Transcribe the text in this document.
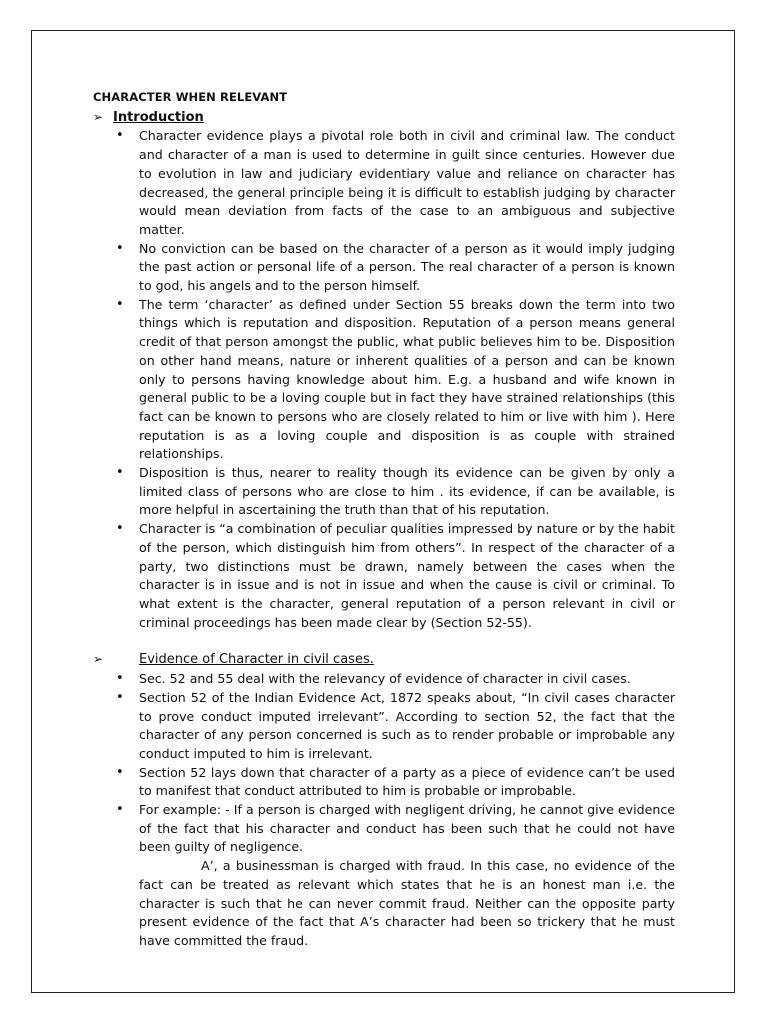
CHARACTER WHEN RELEVANT
➢ Introduction
• Character evidence plays a pivotal role both in civil and criminal law. The conduct and character of a man is used to determine in guilt since centuries. However due to evolution in law and judiciary evidentiary value and reliance on character has decreased, the general principle being it is difficult to establish judging by character would mean deviation from facts of the case to an ambiguous and subjective matter.
• No conviction can be based on the character of a person as it would imply judging the past action or personal life of a person. The real character of a person is known to god, his angels and to the person himself.
• The term ‘character’ as defined under Section 55 breaks down the term into two things which is reputation and disposition. Reputation of a person means general credit of that person amongst the public, what public believes him to be. Disposition on other hand means, nature or inherent qualities of a person and can be known only to persons having knowledge about him. E.g. a husband and wife known in general public to be a loving couple but in fact they have strained relationships (this fact can be known to persons who are closely related to him or live with him ). Here reputation is as a loving couple and disposition is as couple with strained relationships.
• Disposition is thus, nearer to reality though its evidence can be given by only a limited class of persons who are close to him . its evidence, if can be available, is more helpful in ascertaining the truth than that of his reputation.
• Character is “a combination of peculiar qualities impressed by nature or by the habit of the person, which distinguish him from others”. In respect of the character of a party, two distinctions must be drawn, namely between the cases when the character is in issue and is not in issue and when the cause is civil or criminal. To what extent is the character, general reputation of a person relevant in civil or criminal proceedings has been made clear by (Section 52-55).
➢	Evidence of Character in civil cases.
• Sec. 52 and 55 deal with the relevancy of evidence of character in civil cases.
• Section 52 of the Indian Evidence Act, 1872 speaks about, “In civil cases character to prove conduct imputed irrelevant”. According to section 52, the fact that the character of any person concerned is such as to render probable or improbable any conduct imputed to him is irrelevant.
• Section 52 lays down that character of a party as a piece of evidence can’t be used to manifest that conduct attributed to him is probable or improbable.
• For example: - If a person is charged with negligent driving, he cannot give evidence of the fact that his character and conduct has been such that he could not have been guilty of negligence.
A’, a businessman is charged with fraud. In this case, no evidence of the fact can be treated as relevant which states that he is an honest man i.e. the character is such that he can never commit fraud. Neither can the opposite party present evidence of the fact that A’s character had been so trickery that he must have committed the fraud.
